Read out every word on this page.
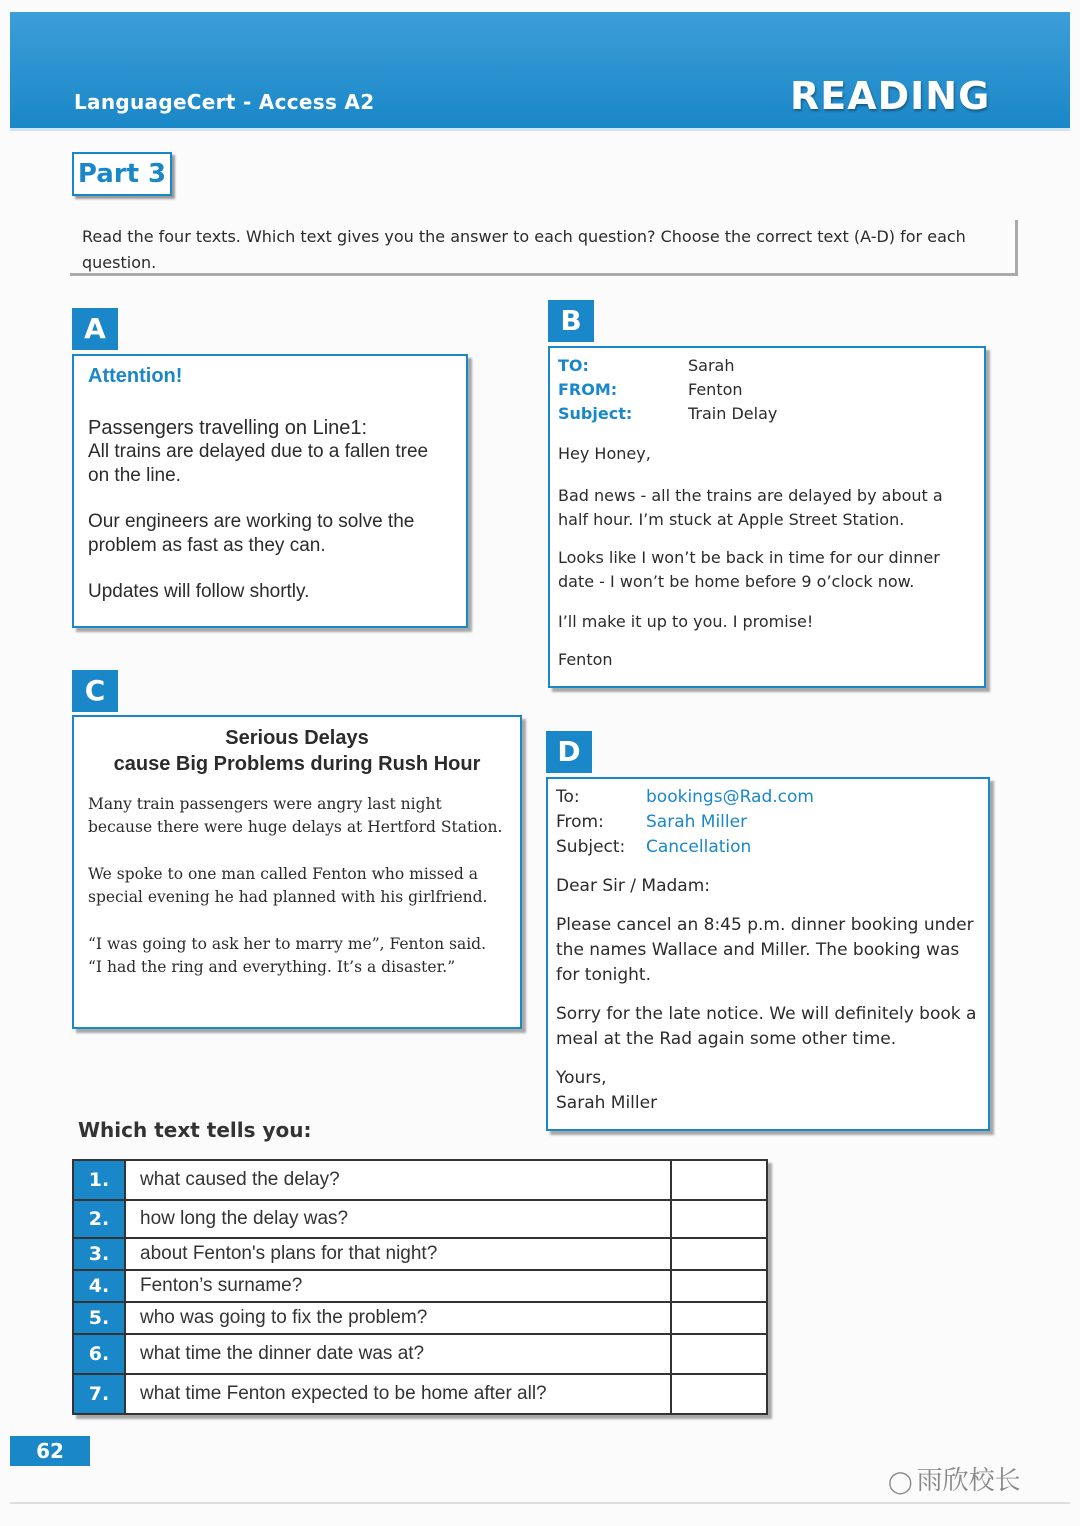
LanguageCert - Access A2	READING
Part 3
Read the four texts. Which text gives you the answer to each question? Choose the correct text (A-D) for each question.
A
Attention!

Passengers travelling on Line1:

All trains are delayed due to a fallen tree on the line.

Our engineers are working to solve the problem as fast as they can.

Updates will follow shortly.

B
TO:	Sarah
FROM:	Fenton
Subject:	Train Delay

Hey Honey,

Bad news - all the trains are delayed by about a half hour. I’m stuck at Apple Street Station.

Looks like I won’t be back in time for our dinner date - I won’t be home before 9 o’clock now.

I’ll make it up to you. I promise!

Fenton

C
Serious Delays
cause Big Problems during Rush Hour

Many train passengers were angry last night because there were huge delays at Hertford Station.

We spoke to one man called Fenton who missed a special evening he had planned with his girlfriend.

“I was going to ask her to marry me”, Fenton said.

“I had the ring and everything. It’s a disaster.”

D
To:	bookings@Rad.com
From:	Sarah Miller
Subject:	Cancellation

Dear Sir / Madam:

Please cancel an 8:45 p.m. dinner booking under the names Wallace and Miller. The booking was for tonight.

Sorry for the late notice. We will definitely book a meal at the Rad again some other time.

Yours,

Sarah Miller

Which text tells you:
1.	what caused the delay?
2.	how long the delay was?
3.	about Fenton's plans for that night?
4.	Fenton’s surname?
5.	who was going to fix the problem?
6.	what time the dinner date was at?
7.	what time Fenton expected to be home after all?
62
◯ 雨欣校长
